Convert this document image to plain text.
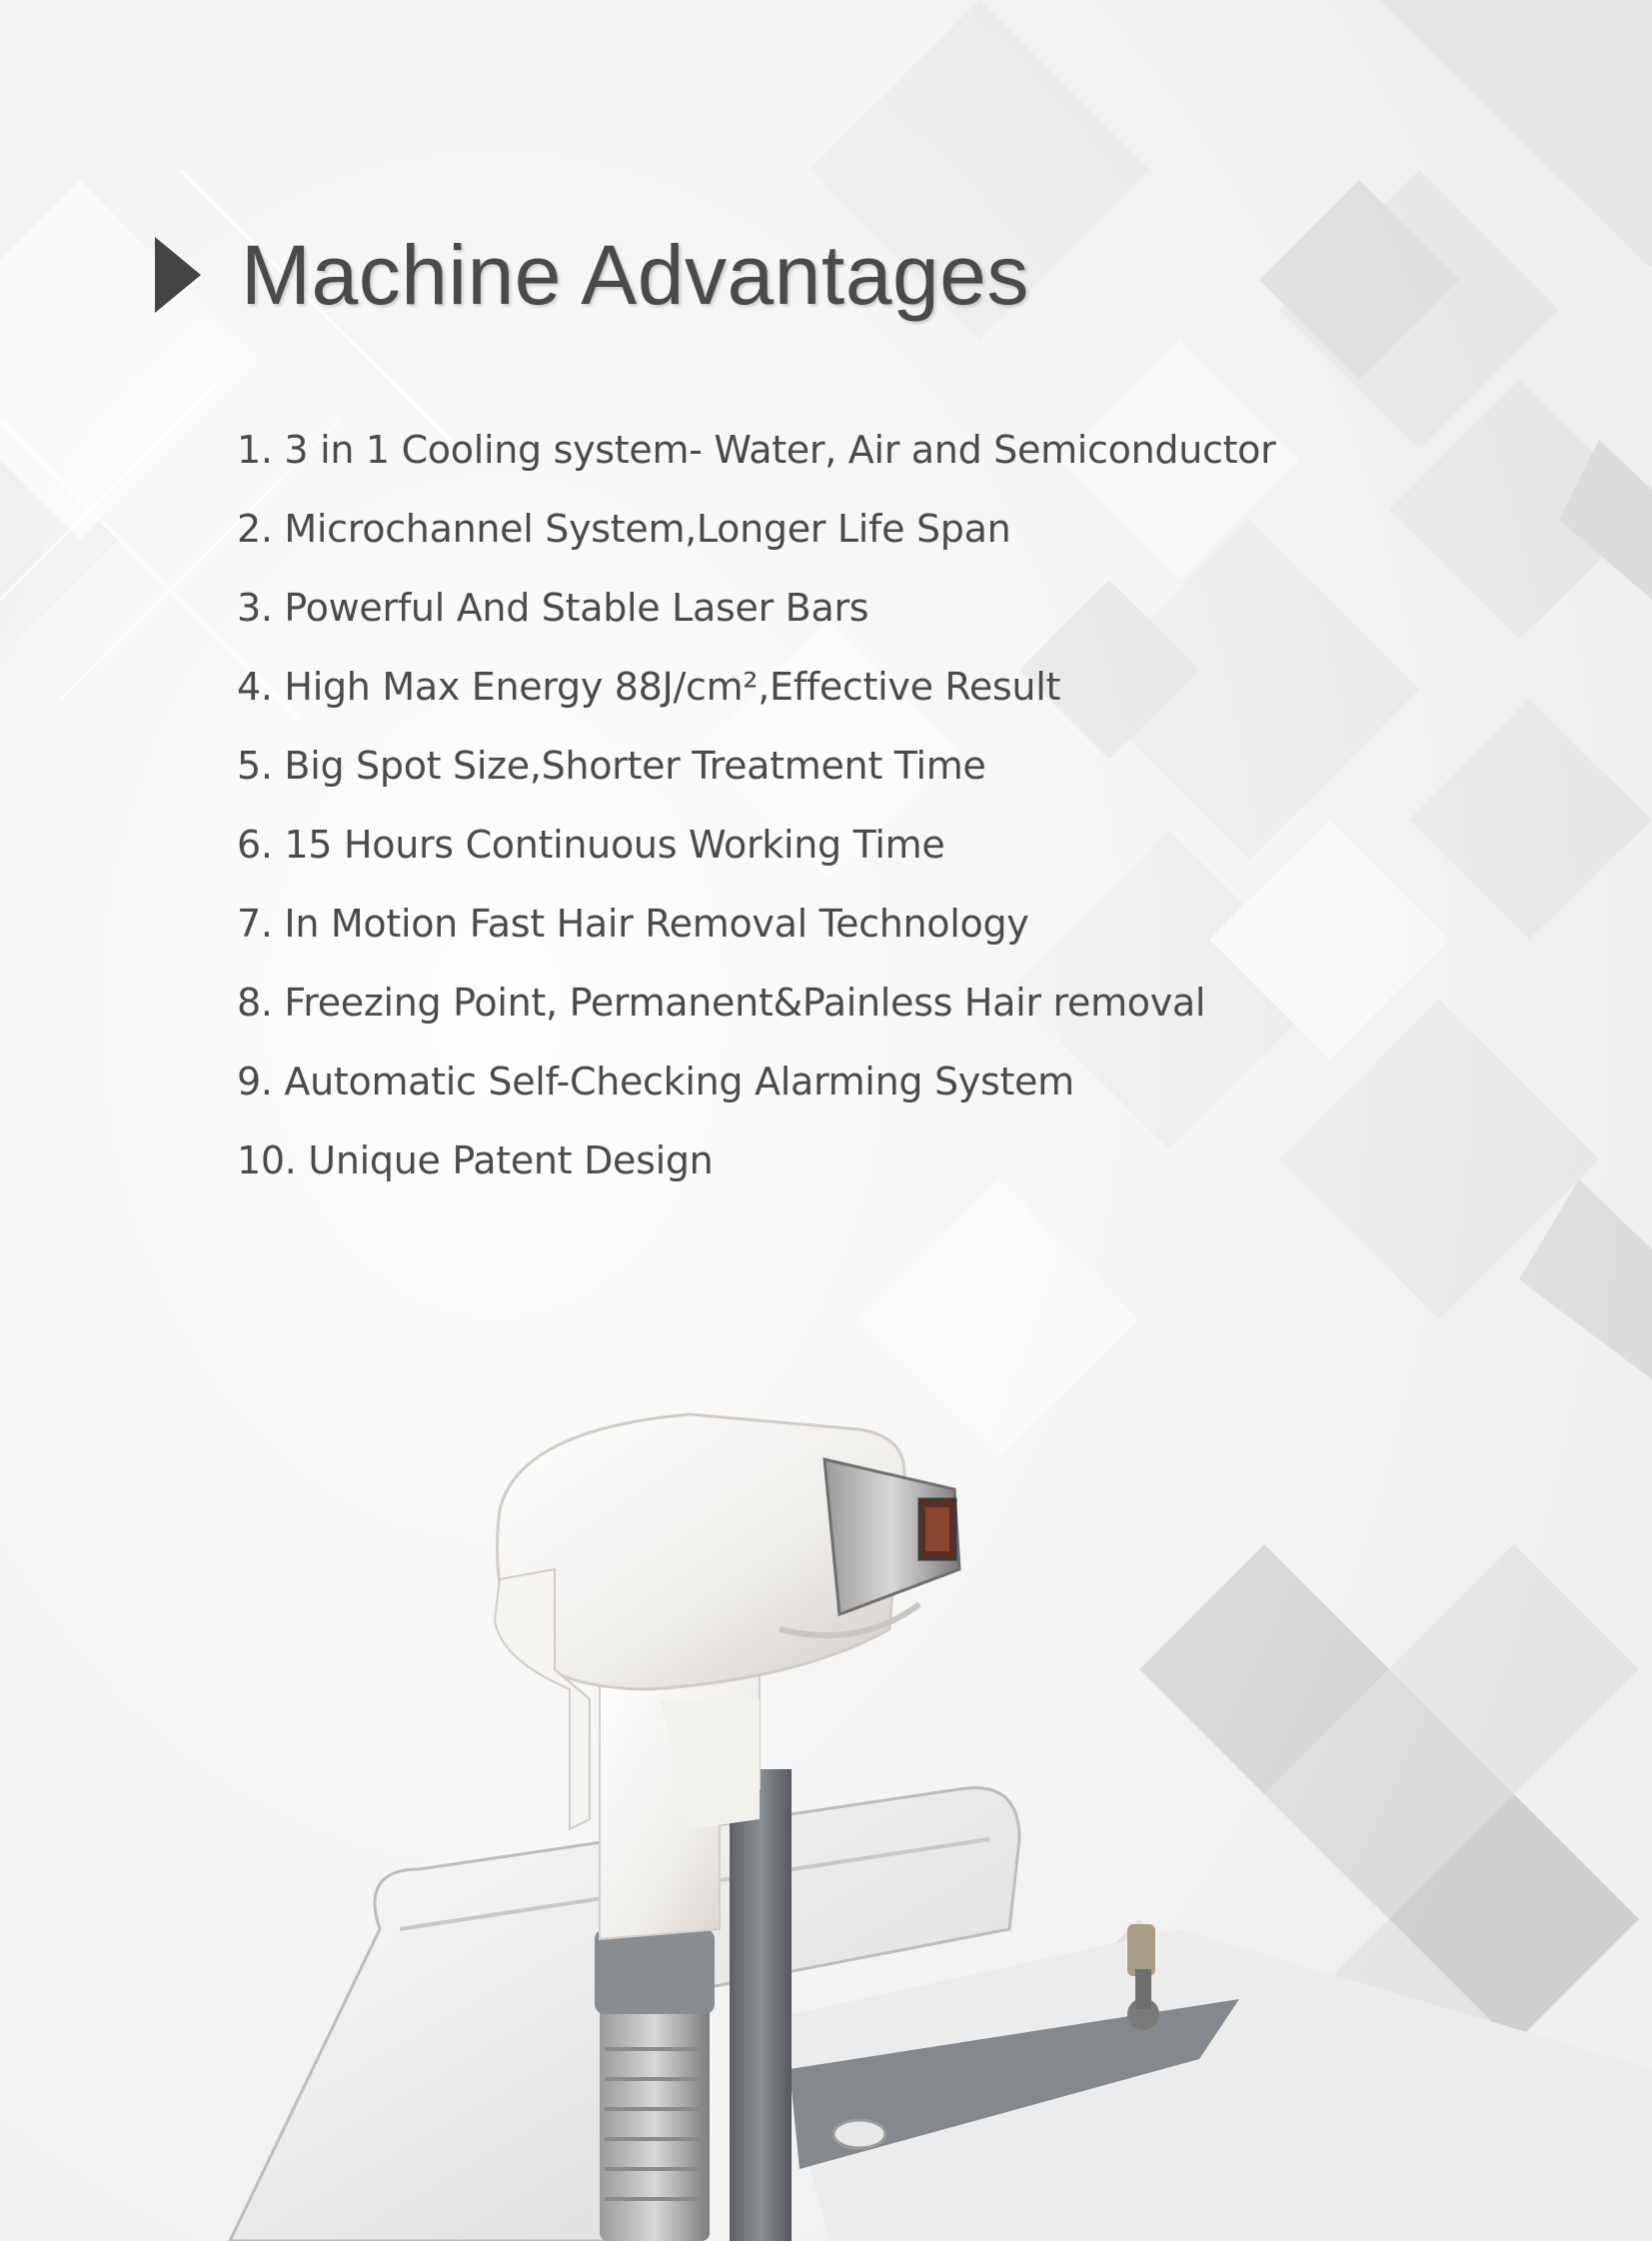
Machine Advantages
1. 3 in 1 Cooling system- Water, Air and Semiconductor
2. Microchannel System,Longer Life Span
3. Powerful And Stable Laser Bars
4. High Max Energy 88J/cm²,Effective Result
5. Big Spot Size,Shorter Treatment Time
6. 15 Hours Continuous Working Time
7. In Motion Fast Hair Removal Technology
8. Freezing Point, Permanent&Painless Hair removal
9. Automatic Self-Checking Alarming System
10. Unique Patent Design
